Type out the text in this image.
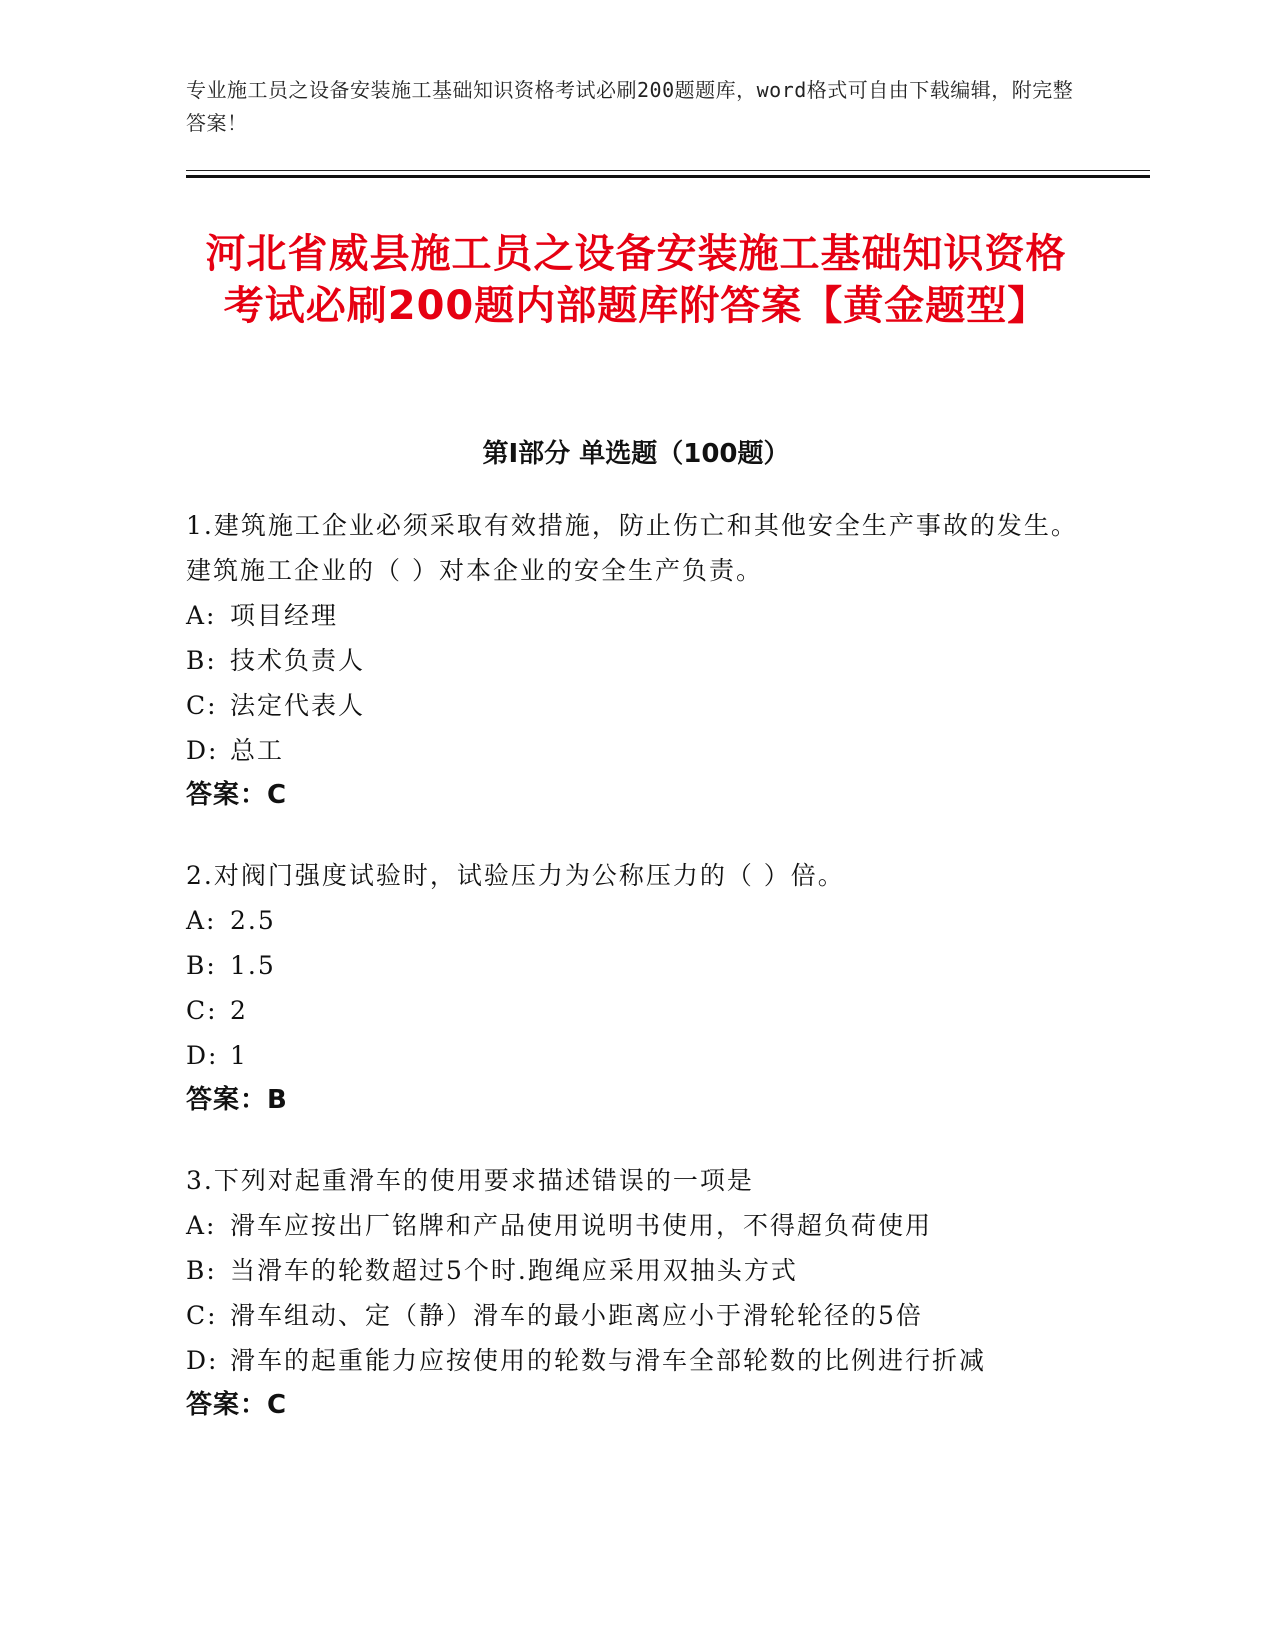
专业施工员之设备安装施工基础知识资格考试必刷200题题库，word格式可自由下载编辑，附完整答案！
河北省威县施工员之设备安装施工基础知识资格考试必刷200题内部题库附答案【黄金题型】
第I部分 单选题（100题）
1.建筑施工企业必须采取有效措施，防止伤亡和其他安全生产事故的发生。建筑施工企业的（ ）对本企业的安全生产负责。
A: 项目经理
B: 技术负责人
C: 法定代表人
D: 总工
答案：C
2.对阀门强度试验时，试验压力为公称压力的（ ）倍。
A: 2.5
B: 1.5
C: 2
D: 1
答案：B
3.下列对起重滑车的使用要求描述错误的一项是
A: 滑车应按出厂铭牌和产品使用说明书使用，不得超负荷使用
B: 当滑车的轮数超过5个时.跑绳应采用双抽头方式
C: 滑车组动、定（静）滑车的最小距离应小于滑轮轮径的5倍
D: 滑车的起重能力应按使用的轮数与滑车全部轮数的比例进行折减
答案：C
